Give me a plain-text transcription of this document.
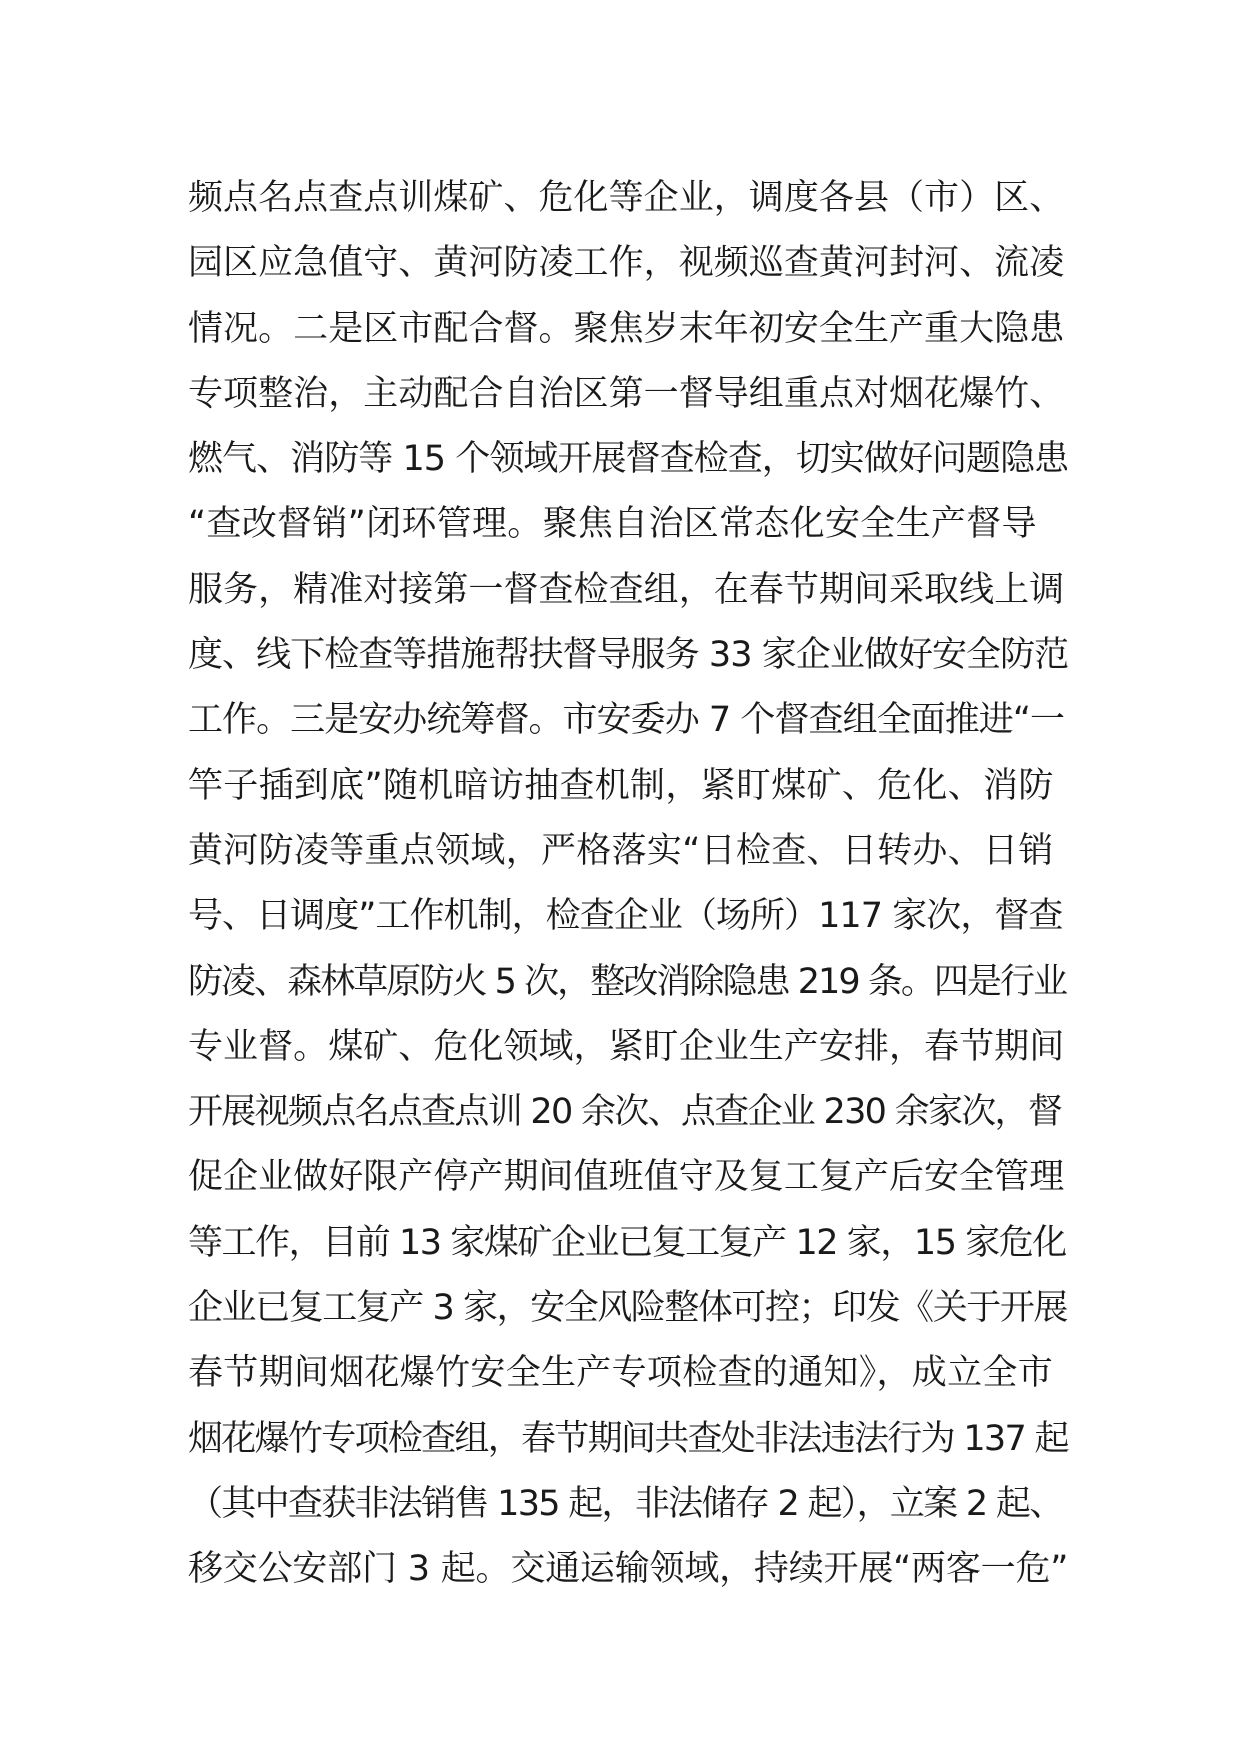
频点名点查点训煤矿、危化等企业，调度各县（市）区、
园区应急值守、黄河防凌工作，视频巡查黄河封河、流凌
情况。二是区市配合督。聚焦岁末年初安全生产重大隐患
专项整治，主动配合自治区第一督导组重点对烟花爆竹、
燃气、消防等 15 个领域开展督查检查，切实做好问题隐患
“查改督销”闭环管理。聚焦自治区常态化安全生产督导
服务，精准对接第一督查检查组，在春节期间采取线上调
度、线下检查等措施帮扶督导服务 33 家企业做好安全防范
工作。三是安办统筹督。市安委办 7 个督查组全面推进“一
竿子插到底”随机暗访抽查机制，紧盯煤矿、危化、消防
黄河防凌等重点领域，严格落实“日检查、日转办、日销
号、日调度”工作机制，检查企业（场所）117 家次，督查
防凌、森林草原防火 5 次，整改消除隐患 219 条。四是行业
专业督。煤矿、危化领域，紧盯企业生产安排，春节期间
开展视频点名点查点训 20 余次、点查企业 230 余家次，督
促企业做好限产停产期间值班值守及复工复产后安全管理
等工作，目前 13 家煤矿企业已复工复产 12 家，15 家危化
企业已复工复产 3 家，安全风险整体可控；印发《关于开展
春节期间烟花爆竹安全生产专项检查的通知》，成立全市
烟花爆竹专项检查组，春节期间共查处非法违法行为 137 起
（其中查获非法销售 135 起，非法储存 2 起），立案 2 起、
移交公安部门 3 起。交通运输领域，持续开展“两客一危”
